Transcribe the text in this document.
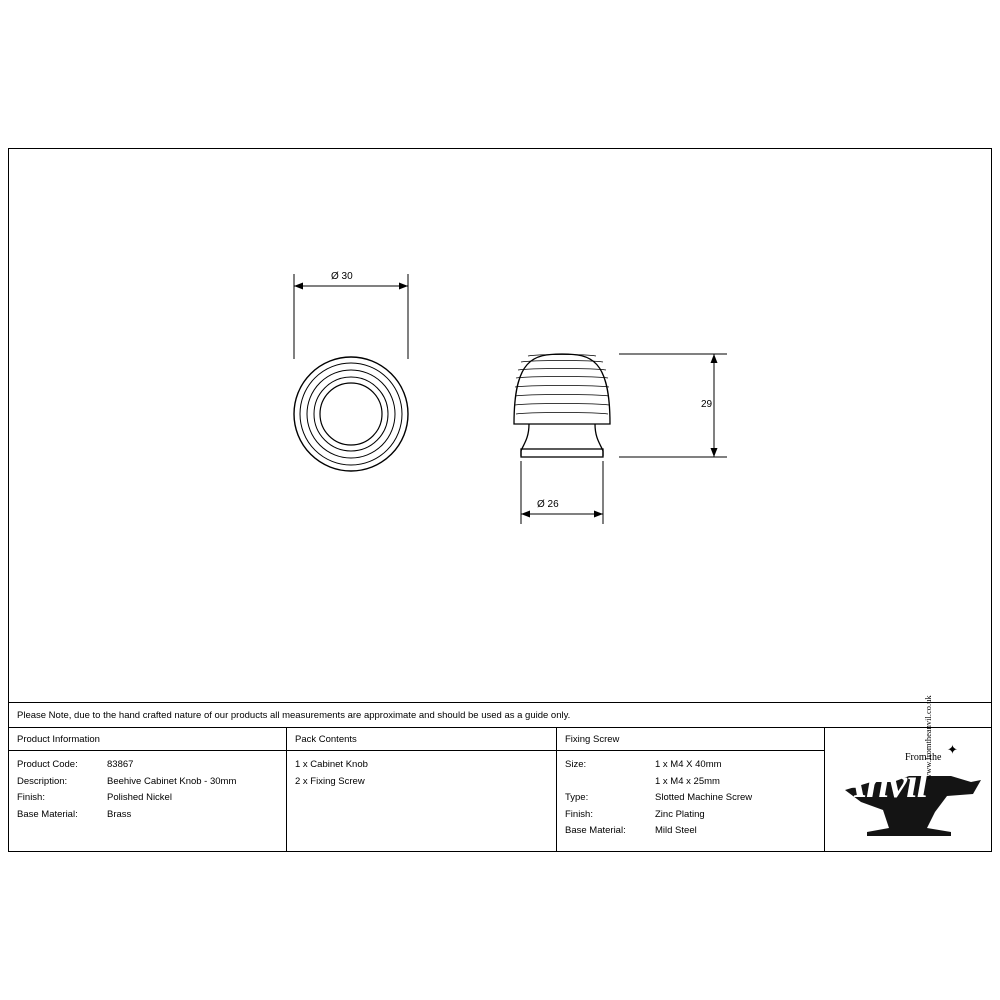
Ø 30
29
Ø 26
Please Note, due to the hand crafted nature of our products all measurements are approximate and should be used as a guide only.
Product Information
Product Code:	83867
Description:	Beehive Cabinet Knob - 30mm
Finish:	Polished Nickel
Base Material:	Brass
Pack Contents
1 x Cabinet Knob
2 x Fixing Screw
Fixing Screw
Size:	1 x M4 X 40mm
1 x M4 x 25mm
Type:	Slotted Machine Screw
Finish:	Zinc Plating
Base Material:	Mild Steel
From the
Anvil
www.fromtheanvil.co.uk ✦
